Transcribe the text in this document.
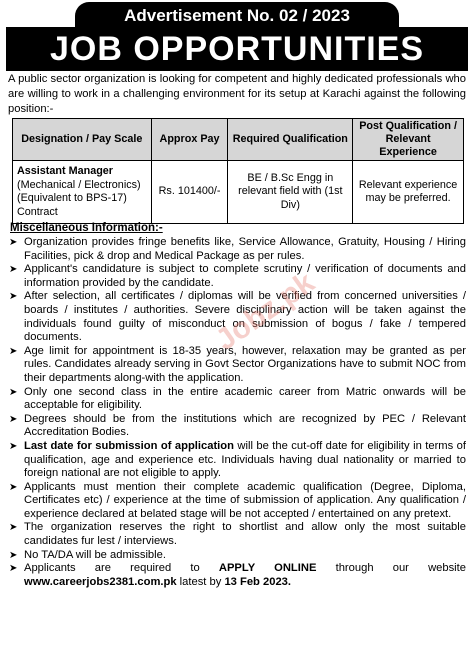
Advertisement No. 02 / 2023
JOB OPPORTUNITIES
A public sector organization is looking for competent and highly dedicated professionals who are willing to work in a challenging environment for its setup at Karachi against the following position:-
Designation / Pay Scale	Approx Pay	Required Qualification	Post Qualification / Relevant Experience

Assistant Manager
(Mechanical / Electronics)
(Equivalent to BPS-17)
Contract	Rs. 101400/-	BE / B.Sc Engg in relevant field with (1st Div)	Relevant experience may be preferred.
Miscellaneous Information:-
➤ Organization provides fringe benefits like, Service Allowance, Gratuity, Housing / Hiring Facilities, pick & drop and Medical Package as per rules.
➤ Applicant's candidature is subject to complete scrutiny / verification of documents and information provided by the candidate.
➤ After selection, all certificates / diplomas will be verified from concerned universities / boards / institutes / authorities. Severe disciplinary action will be taken against the individuals found guilty of misconduct on submission of bogus / fake / tempered documents.
➤ Age limit for appointment is 18-35 years, however, relaxation may be granted as per rules. Candidates already serving in Govt Sector Organizations have to submit NOC from their departments along-with the application.
➤ Only one second class in the entire academic career from Matric onwards will be acceptable for eligibility.
➤ Degrees should be from the institutions which are recognized by PEC / Relevant Accreditation Bodies.
➤ Last date for submission of application will be the cut-off date for eligibility in terms of qualification, age and experience etc. Individuals having dual nationality or married to foreign national are not eligible to apply.
➤ Applicants must mention their complete academic qualification (Degree, Diploma, Certificates etc) / experience at the time of submission of application. Any qualification / experience declared at belated stage will be not accepted / entertained on any pretext.
➤ The organization reserves the right to shortlist and allow only the most suitable candidates fur lest / interviews.
➤ No TA/DA will be admissible.
➤ Applicants are required to APPLY ONLINE through our website www.careerjobs2381.com.pk latest by 13 Feb 2023.
Jobz.pk
